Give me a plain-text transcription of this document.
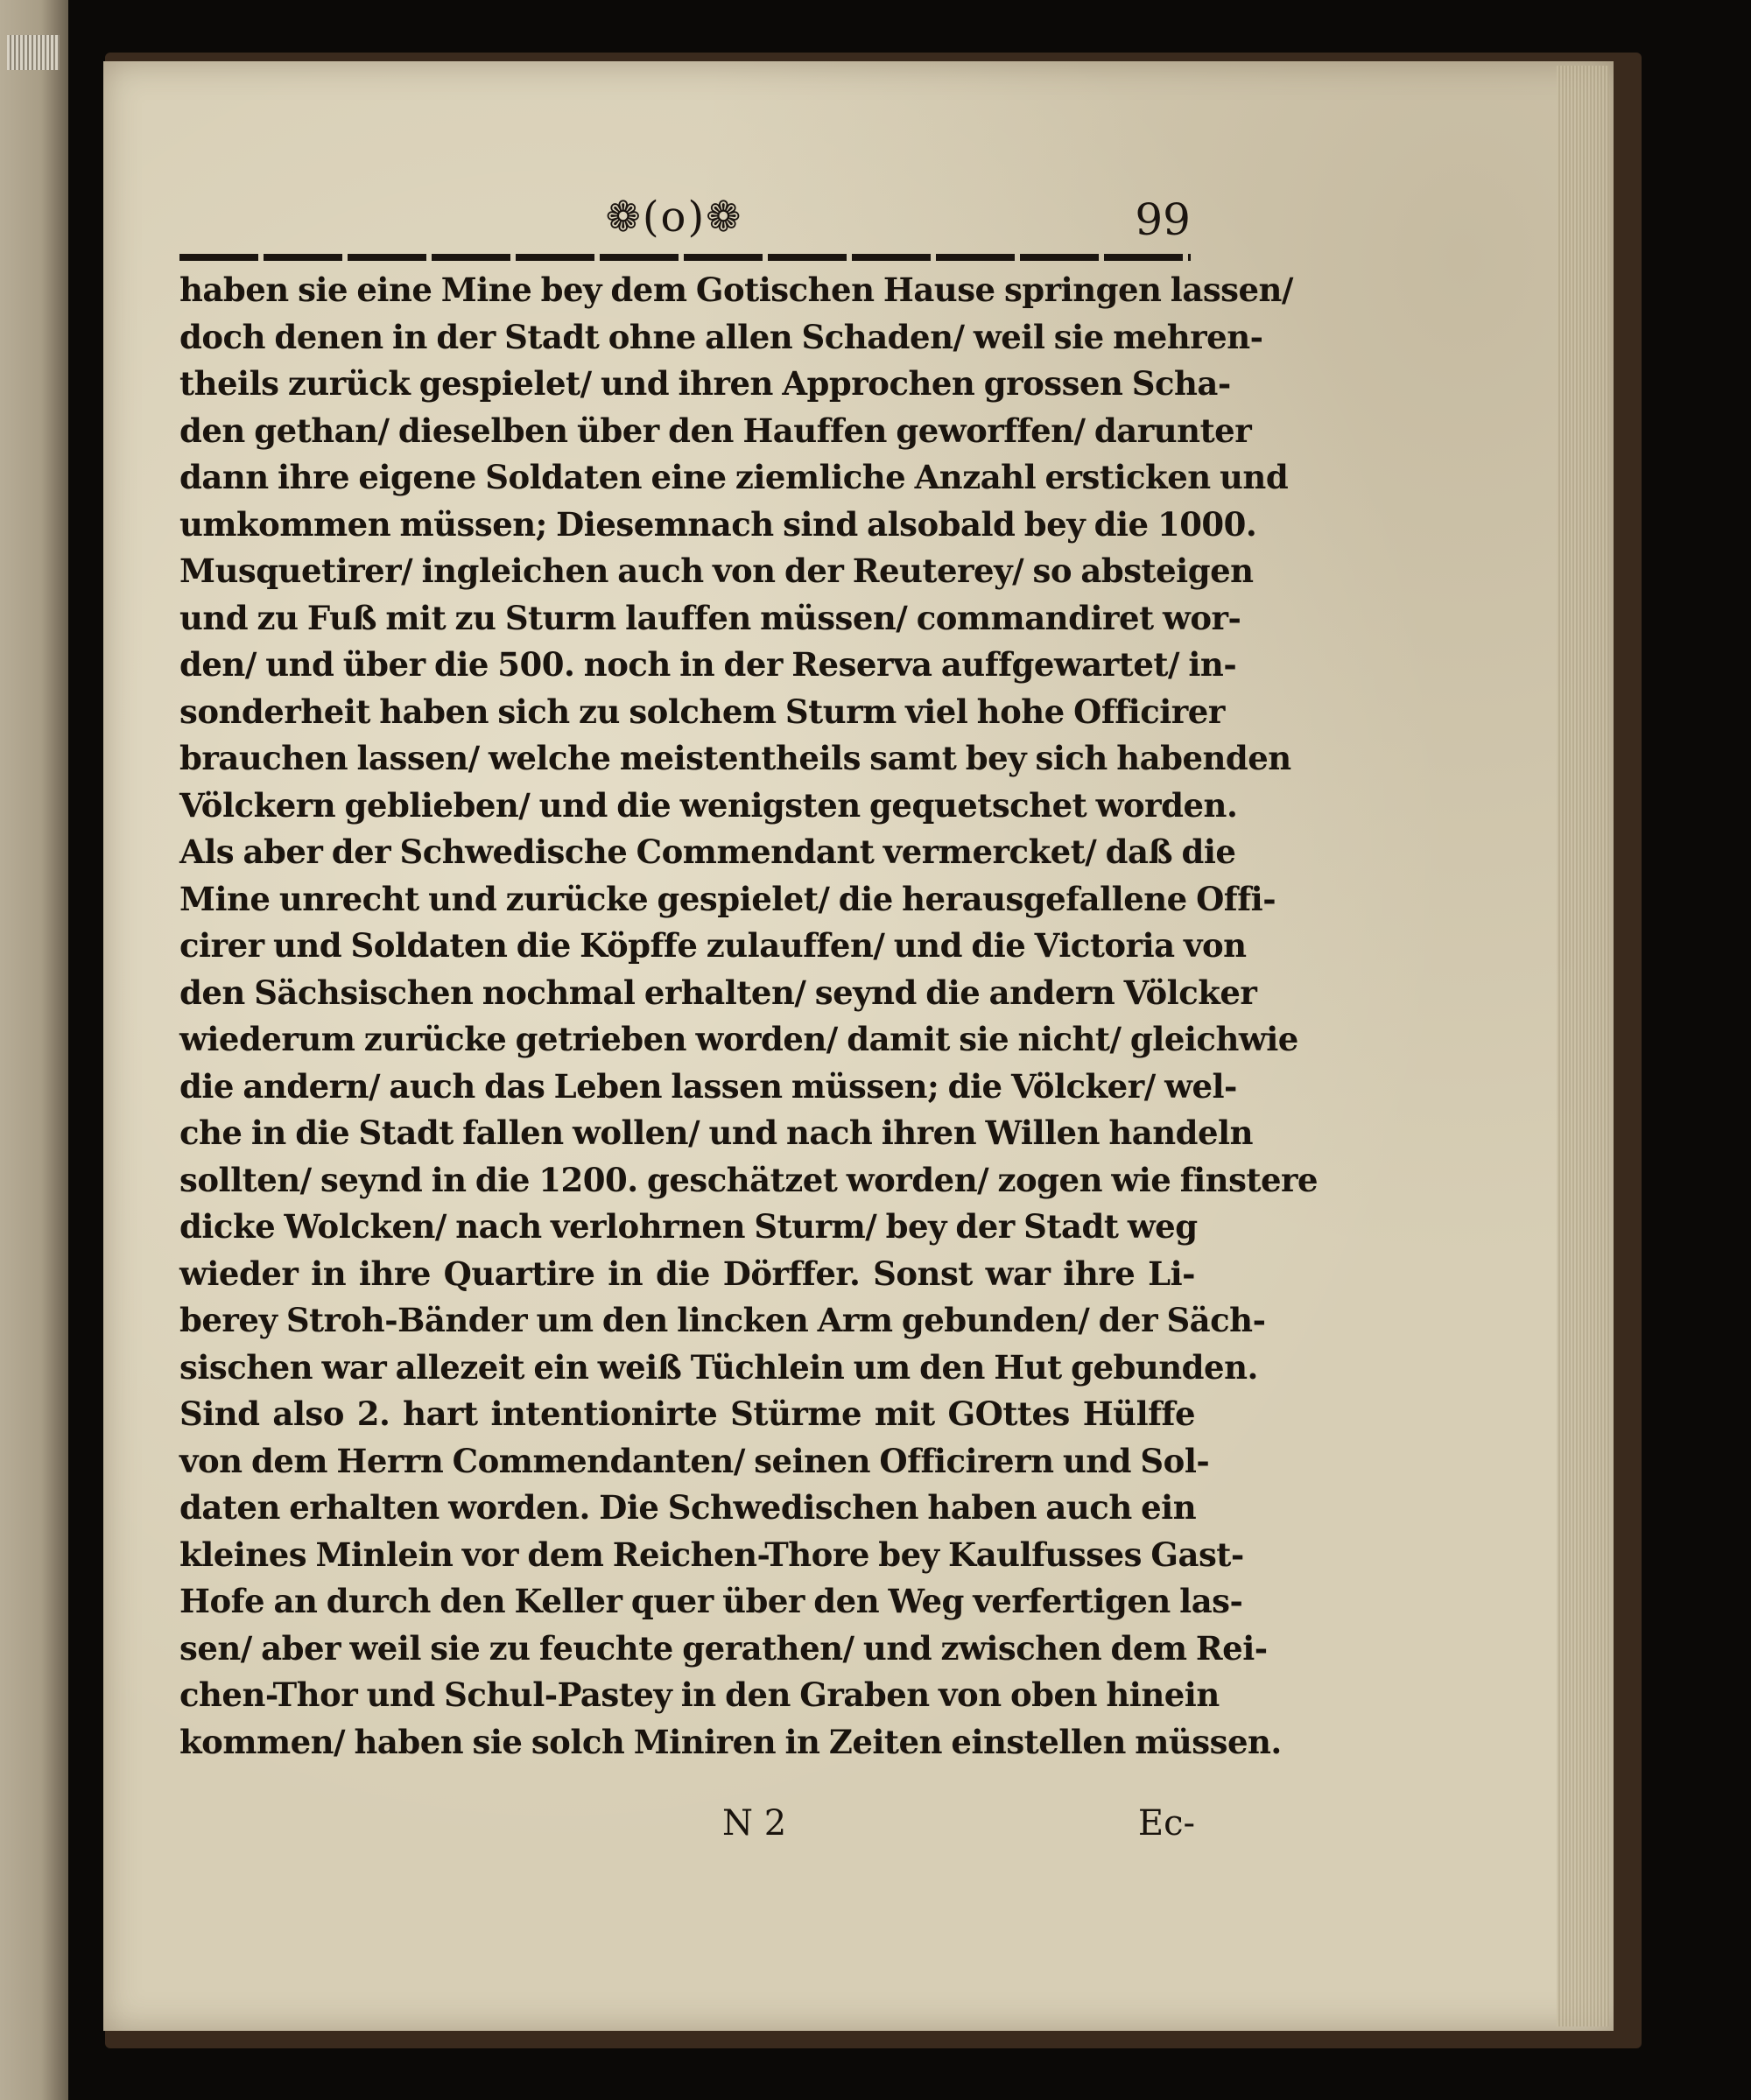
❁(o)❁	99
haben sie eine Mine bey dem Gotischen Hause springen lassen/
doch denen in der Stadt ohne allen Schaden/ weil sie mehren-
theils zurück gespielet/ und ihren Approchen grossen Scha-
den gethan/ dieselben über den Hauffen geworffen/ darunter
dann ihre eigene Soldaten eine ziemliche Anzahl ersticken und
umkommen müssen; Diesemnach sind alsobald bey die 1000.
Musquetirer/ ingleichen auch von der Reuterey/ so absteigen
und zu Fuß mit zu Sturm lauffen müssen/ commandiret wor-
den/ und über die 500. noch in der Reserva auffgewartet/ in-
sonderheit haben sich zu solchem Sturm viel hohe Officirer
brauchen lassen/ welche meistentheils samt bey sich habenden
Völckern geblieben/ und die wenigsten gequetschet worden.
Als aber der Schwedische Commendant vermercket/ daß die
Mine unrecht und zurücke gespielet/ die herausgefallene Offi-
cirer und Soldaten die Köpffe zulauffen/ und die Victoria von
den Sächsischen nochmal erhalten/ seynd die andern Völcker
wiederum zurücke getrieben worden/ damit sie nicht/ gleichwie
die andern/ auch das Leben lassen müssen; die Völcker/ wel-
che in die Stadt fallen wollen/ und nach ihren Willen handeln
sollten/ seynd in die 1200. geschätzet worden/ zogen wie finstere
dicke Wolcken/ nach verlohrnen Sturm/ bey der Stadt weg
wieder in ihre Quartire in die Dörffer. Sonst war ihre Li-
berey Stroh-Bänder um den lincken Arm gebunden/ der Säch-
sischen war allezeit ein weiß Tüchlein um den Hut gebunden.
Sind also 2. hart intentionirte Stürme mit GOttes Hülffe
von dem Herrn Commendanten/ seinen Officirern und Sol-
daten erhalten worden. Die Schwedischen haben auch ein
kleines Minlein vor dem Reichen-Thore bey Kaulfusses Gast-
Hofe an durch den Keller quer über den Weg verfertigen las-
sen/ aber weil sie zu feuchte gerathen/ und zwischen dem Rei-
chen-Thor und Schul-Pastey in den Graben von oben hinein
kommen/ haben sie solch Miniren in Zeiten einstellen müssen.
N 2	Ec-
